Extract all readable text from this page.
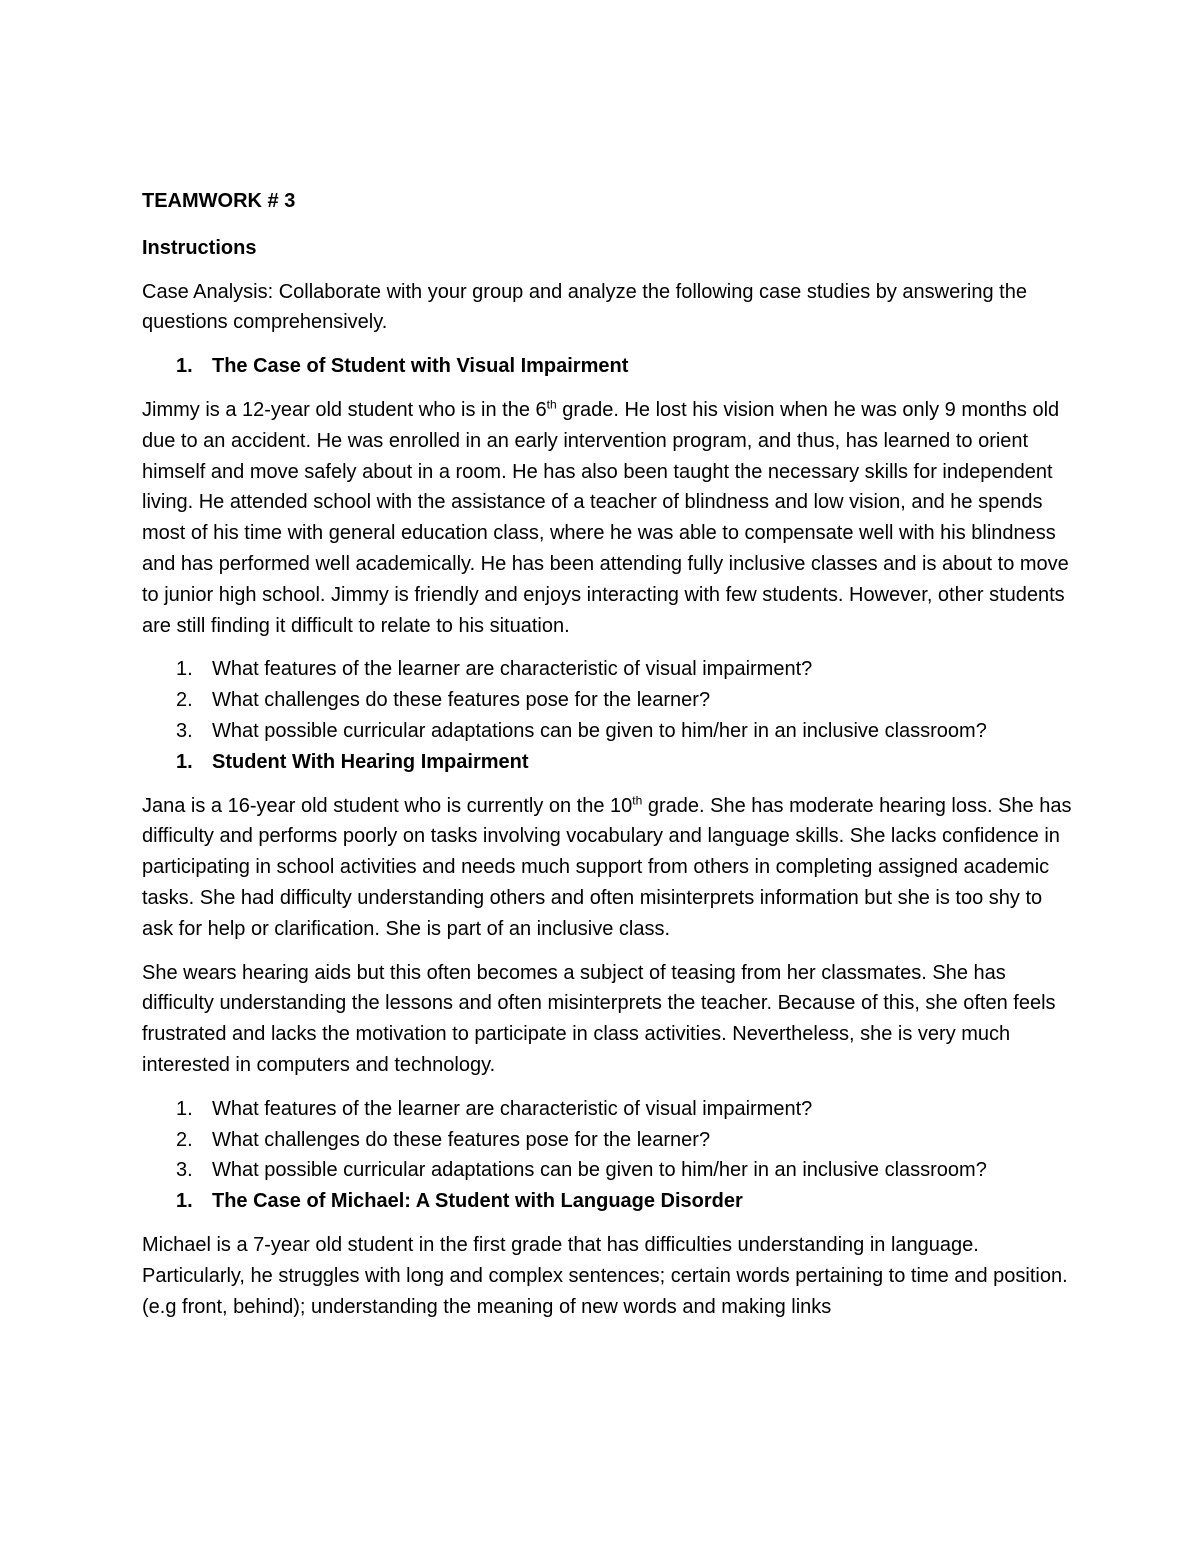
TEAMWORK # 3
Instructions
Case Analysis: Collaborate with your group and analyze the following case studies by answering the questions comprehensively.
1. The Case of Student with Visual Impairment
Jimmy is a 12-year old student who is in the 6th grade. He lost his vision when he was only 9 months old due to an accident. He was enrolled in an early intervention program, and thus, has learned to orient himself and move safely about in a room. He has also been taught the necessary skills for independent living. He attended school with the assistance of a teacher of blindness and low vision, and he spends most of his time with general education class, where he was able to compensate well with his blindness and has performed well academically. He has been attending fully inclusive classes and is about to move to junior high school. Jimmy is friendly and enjoys interacting with few students. However, other students are still finding it difficult to relate to his situation.
1. What features of the learner are characteristic of visual impairment?
2. What challenges do these features pose for the learner?
3. What possible curricular adaptations can be given to him/her in an inclusive classroom?
1. Student With Hearing Impairment
Jana is a 16-year old student who is currently on the 10th grade. She has moderate hearing loss. She has difficulty and performs poorly on tasks involving vocabulary and language skills. She lacks confidence in participating in school activities and needs much support from others in completing assigned academic tasks. She had difficulty understanding others and often misinterprets information but she is too shy to ask for help or clarification. She is part of an inclusive class.
She wears hearing aids but this often becomes a subject of teasing from her classmates. She has difficulty understanding the lessons and often misinterprets the teacher. Because of this, she often feels frustrated and lacks the motivation to participate in class activities. Nevertheless, she is very much interested in computers and technology.
1. What features of the learner are characteristic of visual impairment?
2. What challenges do these features pose for the learner?
3. What possible curricular adaptations can be given to him/her in an inclusive classroom?
1. The Case of Michael: A Student with Language Disorder
Michael is a 7-year old student in the first grade that has difficulties understanding in language. Particularly, he struggles with long and complex sentences; certain words pertaining to time and position. (e.g front, behind); understanding the meaning of new words and making links
